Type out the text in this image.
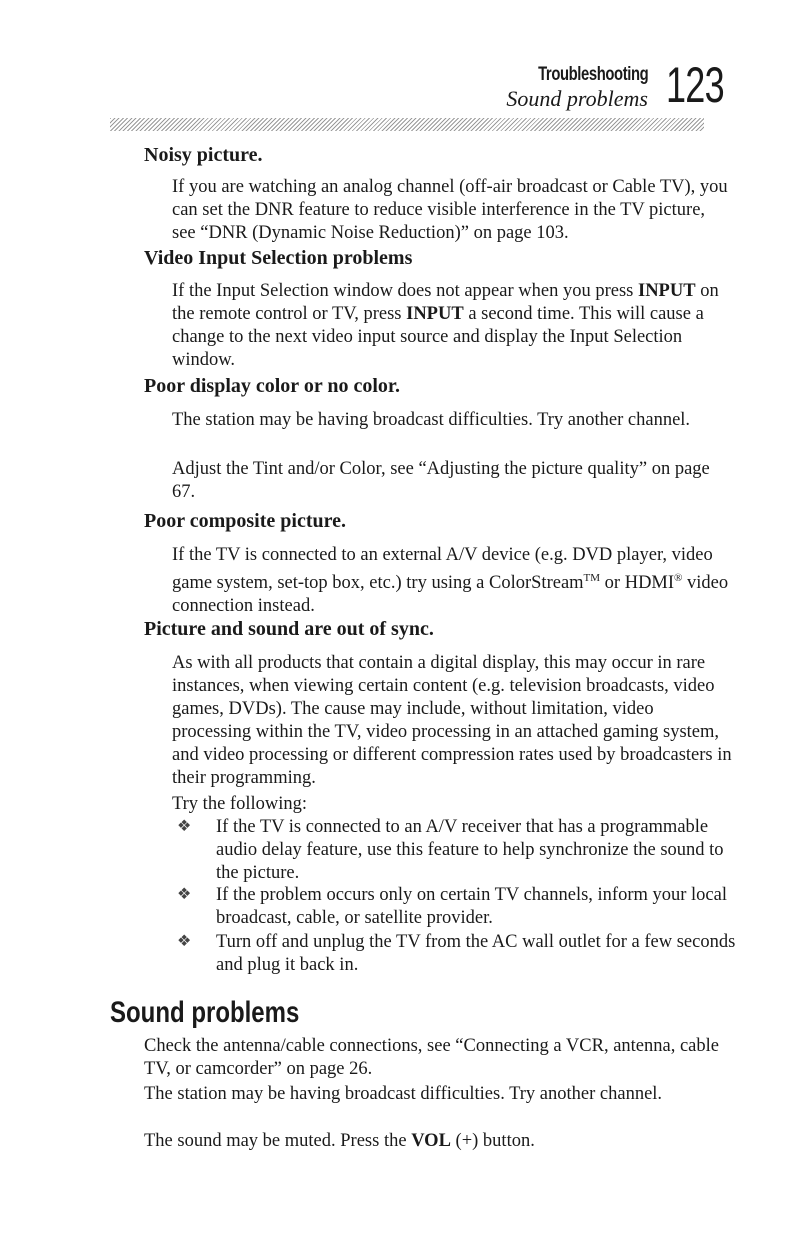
Troubleshooting
Sound problems 123
Noisy picture.
If you are watching an analog channel (off-air broadcast or Cable TV), you can set the DNR feature to reduce visible interference in the TV picture, see “DNR (Dynamic Noise Reduction)” on page 103.
Video Input Selection problems
If the Input Selection window does not appear when you press INPUT on the remote control or TV, press INPUT a second time. This will cause a change to the next video input source and display the Input Selection window.
Poor display color or no color.
The station may be having broadcast difficulties. Try another channel.
Adjust the Tint and/or Color, see “Adjusting the picture quality” on page 67.
Poor composite picture.
If the TV is connected to an external A/V device (e.g. DVD player, video game system, set-top box, etc.) try using a ColorStream™ or HDMI® video connection instead.
Picture and sound are out of sync.
As with all products that contain a digital display, this may occur in rare instances, when viewing certain content (e.g. television broadcasts, video games, DVDs). The cause may include, without limitation, video processing within the TV, video processing in an attached gaming system, and video processing or different compression rates used by broadcasters in their programming.
Try the following:
❖ If the TV is connected to an A/V receiver that has a programmable audio delay feature, use this feature to help synchronize the sound to the picture.
❖ If the problem occurs only on certain TV channels, inform your local broadcast, cable, or satellite provider.
❖ Turn off and unplug the TV from the AC wall outlet for a few seconds and plug it back in.
Sound problems
Check the antenna/cable connections, see “Connecting a VCR, antenna, cable TV, or camcorder” on page 26.
The station may be having broadcast difficulties. Try another channel.
The sound may be muted. Press the VOL (+) button.
